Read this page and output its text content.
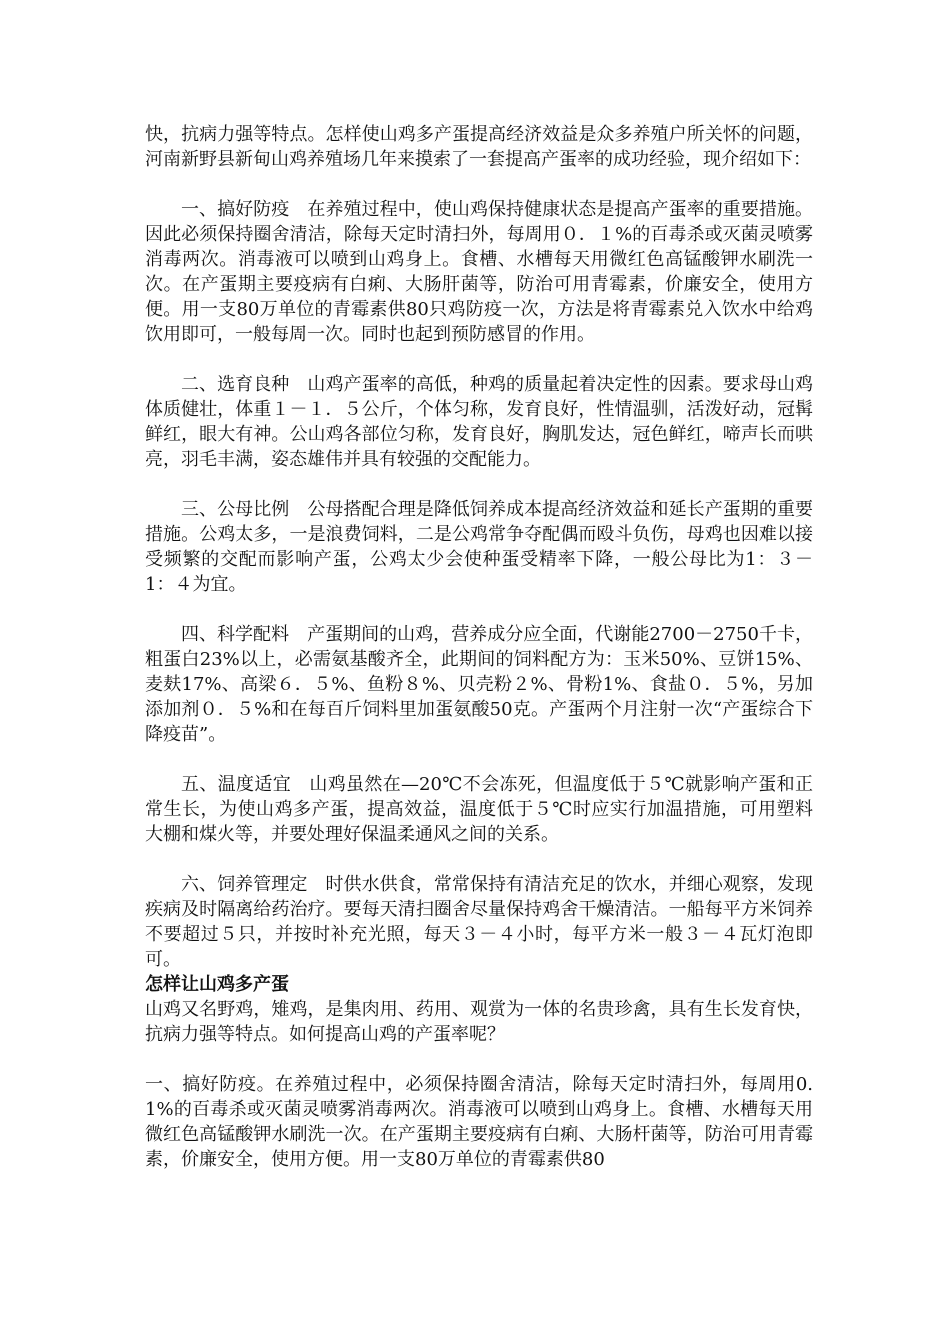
快，抗病力强等特点。怎样使山鸡多产蛋提高经济效益是众多养殖户所关怀的问题，河南新野县新甸山鸡养殖场几年来摸索了一套提高产蛋率的成功经验，现介绍如下：

一、搞好防疫　在养殖过程中，使山鸡保持健康状态是提高产蛋率的重要措施。因此必须保持圈舍清洁，除每天定时清扫外，每周用０．１%的百毒杀或灭菌灵喷雾消毒两次。消毒液可以喷到山鸡身上。食槽、水槽每天用微红色高锰酸钾水刷洗一次。在产蛋期主要疫病有白痢、大肠肝菌等，防治可用青霉素，价廉安全，使用方便。用一支80万单位的青霉素供80只鸡防疫一次，方法是将青霉素兑入饮水中给鸡饮用即可，一般每周一次。同时也起到预防感冒的作用。

二、选育良种　山鸡产蛋率的高低，种鸡的质量起着决定性的因素。要求母山鸡体质健壮，体重１－１．５公斤，个体匀称，发育良好，性情温驯，活泼好动，冠髯鲜红，眼大有神。公山鸡各部位匀称，发育良好，胸肌发达，冠色鲜红，啼声长而哄亮，羽毛丰满，姿态雄伟并具有较强的交配能力。

三、公母比例　公母搭配合理是降低饲养成本提高经济效益和延长产蛋期的重要措施。公鸡太多，一是浪费饲料，二是公鸡常争夺配偶而殴斗负伤，母鸡也因难以接受频繁的交配而影响产蛋，公鸡太少会使种蛋受精率下降，一般公母比为1：３－1：４为宜。

四、科学配料　产蛋期间的山鸡，营养成分应全面，代谢能2700－2750千卡，粗蛋白23%以上，必需氨基酸齐全，此期间的饲料配方为：玉米50%、豆饼15%、麦麸17%、高梁６．５%、鱼粉８%、贝壳粉２%、骨粉1%、食盐０．５%，另加添加剂０．５%和在每百斤饲料里加蛋氨酸50克。产蛋两个月注射一次“产蛋综合下降疫苗”。

五、温度适宜　山鸡虽然在—20℃不会冻死，但温度低于５℃就影响产蛋和正常生长，为使山鸡多产蛋，提高效益，温度低于５℃时应实行加温措施，可用塑料大棚和煤火等，并要处理好保温柔通风之间的关系。

六、饲养管理定　时供水供食，常常保持有清洁充足的饮水，并细心观察，发现疾病及时隔离给药治疗。要每天清扫圈舍尽量保持鸡舍干燥清洁。一船每平方米饲养不要超过５只，并按时补充光照，每天３－４小时，每平方米一般３－４瓦灯泡即可。

怎样让山鸡多产蛋

山鸡又名野鸡，雉鸡，是集肉用、药用、观赏为一体的名贵珍禽，具有生长发育快，抗病力强等特点。如何提高山鸡的产蛋率呢？

一、搞好防疫。在养殖过程中，必须保持圈舍清洁，除每天定时清扫外，每周用0.1%的百毒杀或灭菌灵喷雾消毒两次。消毒液可以喷到山鸡身上。食槽、水槽每天用微红色高锰酸钾水刷洗一次。在产蛋期主要疫病有白痢、大肠杆菌等，防治可用青霉素，价廉安全，使用方便。用一支80万单位的青霉素供80
